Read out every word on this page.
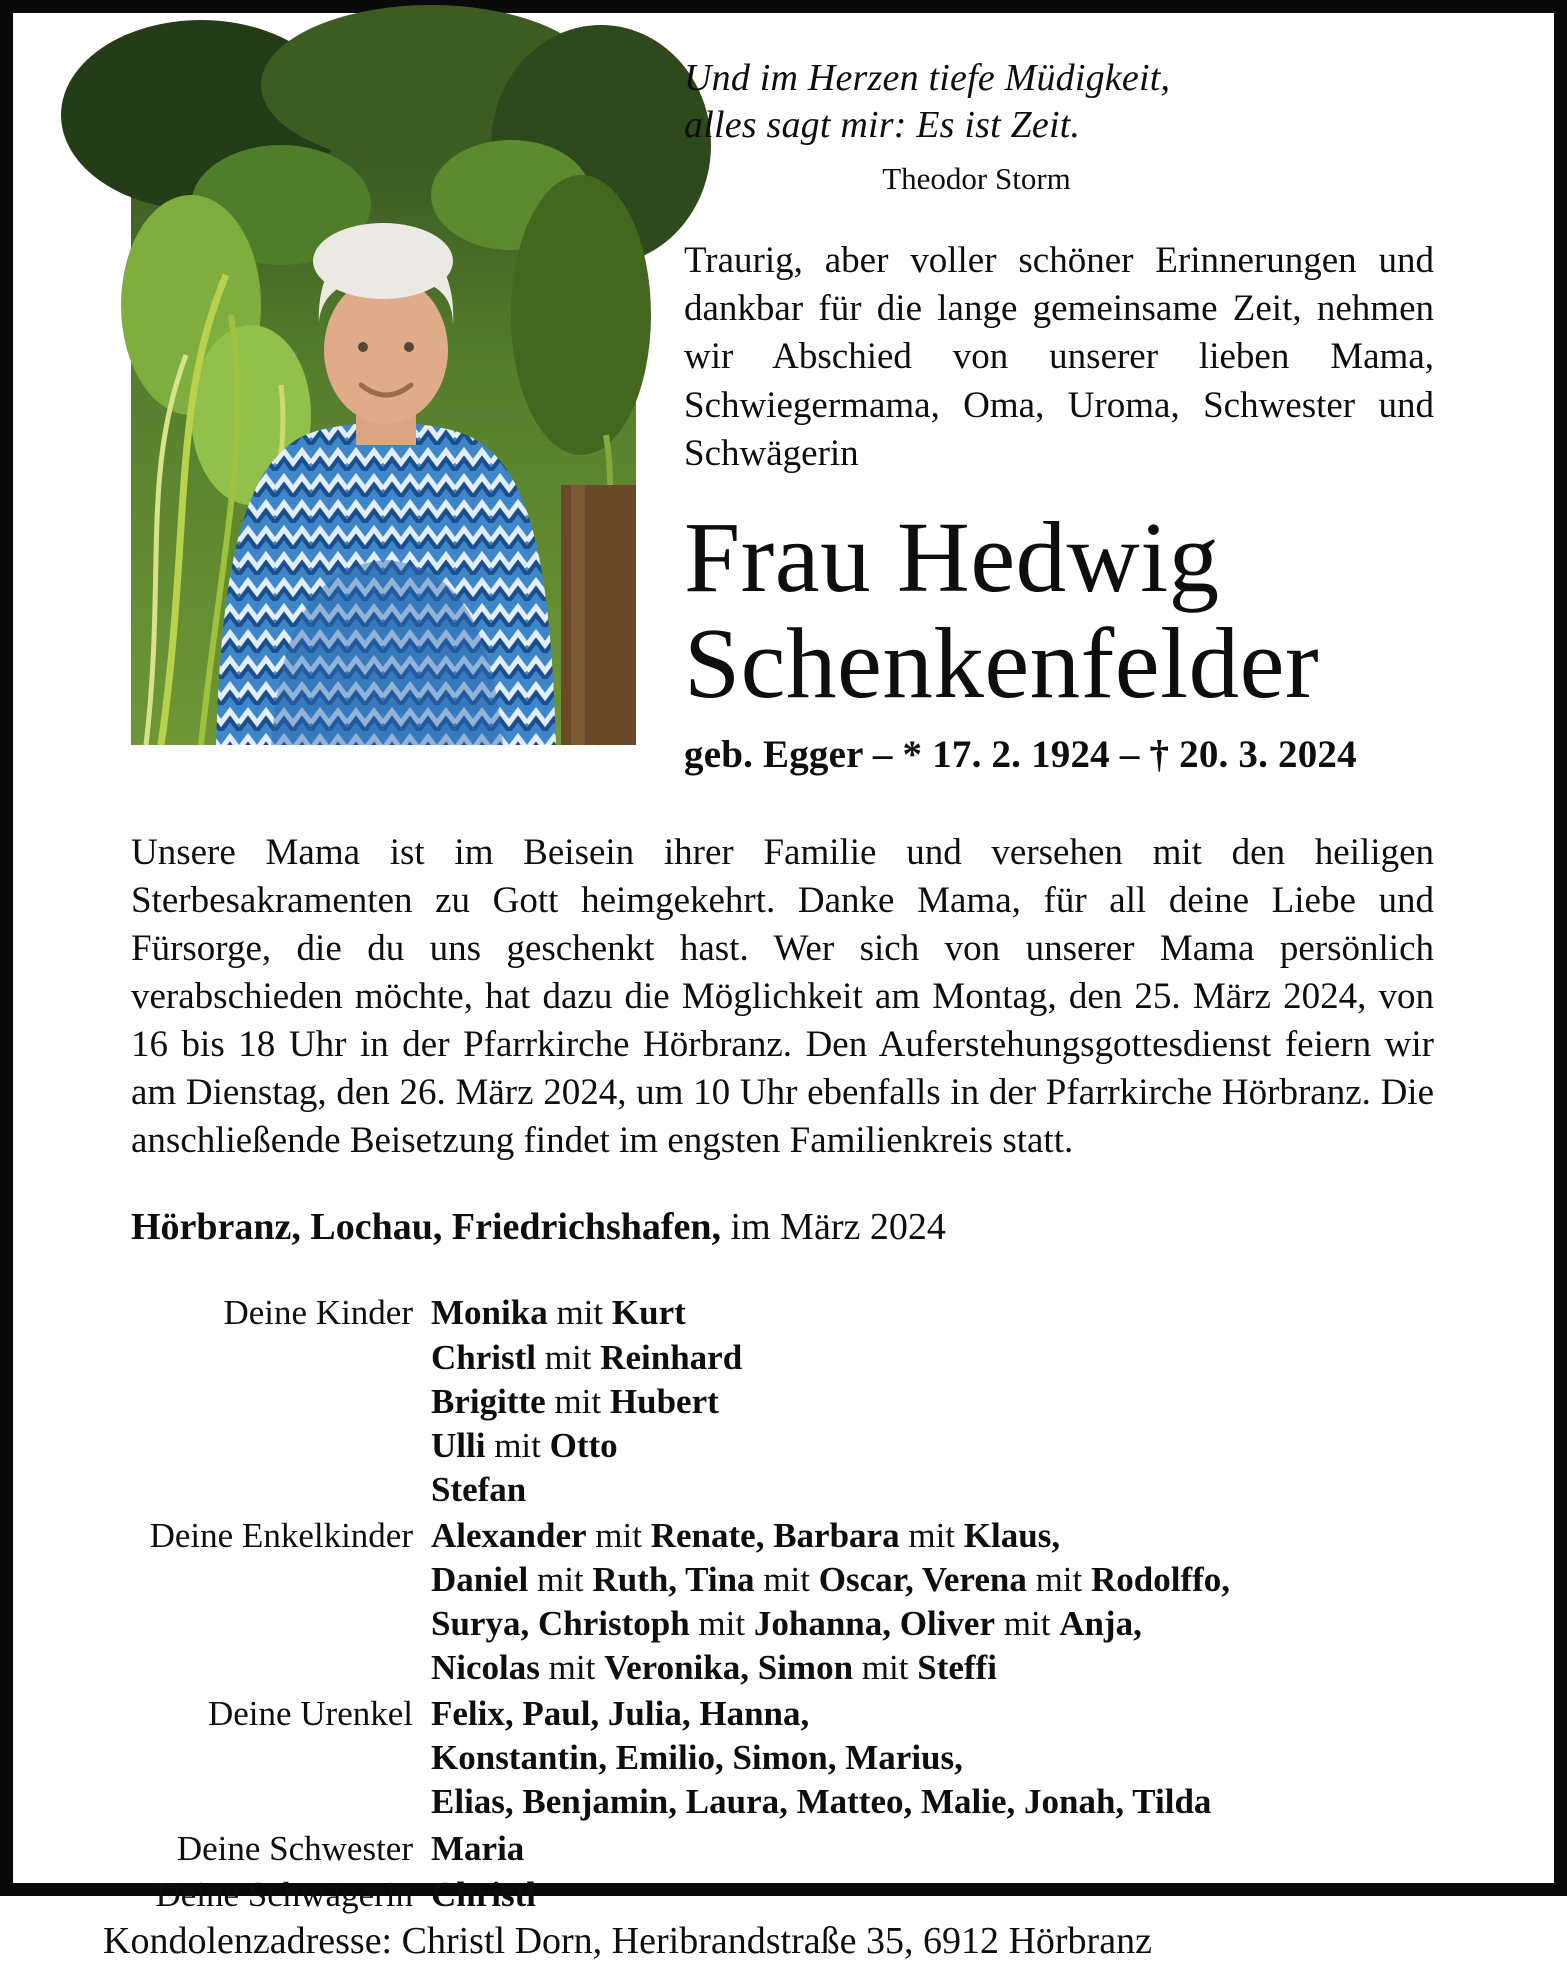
Und im Herzen tiefe Müdigkeit,
alles sagt mir: Es ist Zeit.
Theodor Storm
Traurig, aber voller schöner Erinnerungen und dankbar für die lange gemeinsame Zeit, nehmen wir Abschied von unserer lieben Mama, Schwiegermama, Oma, Uroma, Schwester und Schwägerin
Frau Hedwig
Schenkenfelder
geb. Egger – * 17. 2. 1924 – † 20. 3. 2024
Unsere Mama ist im Beisein ihrer Familie und versehen mit den heiligen Sterbesakramenten zu Gott heimgekehrt. Danke Mama, für all deine Liebe und Fürsorge, die du uns geschenkt hast. Wer sich von unserer Mama persönlich verabschieden möchte, hat dazu die Möglichkeit am Montag, den 25. März 2024, von 16 bis 18 Uhr in der Pfarrkirche Hörbranz. Den Auferstehungsgottesdienst feiern wir am Dienstag, den 26. März 2024, um 10 Uhr ebenfalls in der Pfarrkirche Hörbranz. Die anschließende Beisetzung findet im engsten Familienkreis statt.
Hörbranz, Lochau, Friedrichshafen, im März 2024
Deine Kinder Monika mit Kurt
Christl mit Reinhard
Brigitte mit Hubert
Ulli mit Otto
Stefan
Deine Enkelkinder Alexander mit Renate, Barbara mit Klaus,
Daniel mit Ruth, Tina mit Oscar, Verena mit Rodolffo,
Surya, Christoph mit Johanna, Oliver mit Anja,
Nicolas mit Veronika, Simon mit Steffi
Deine Urenkel Felix, Paul, Julia, Hanna,
Konstantin, Emilio, Simon, Marius,
Elias, Benjamin, Laura, Matteo, Malie, Jonah, Tilda
Deine Schwester Maria
Deine Schwägerin Christl
Kondolenzadresse: Christl Dorn, Heribrandstraße 35, 6912 Hörbranz
